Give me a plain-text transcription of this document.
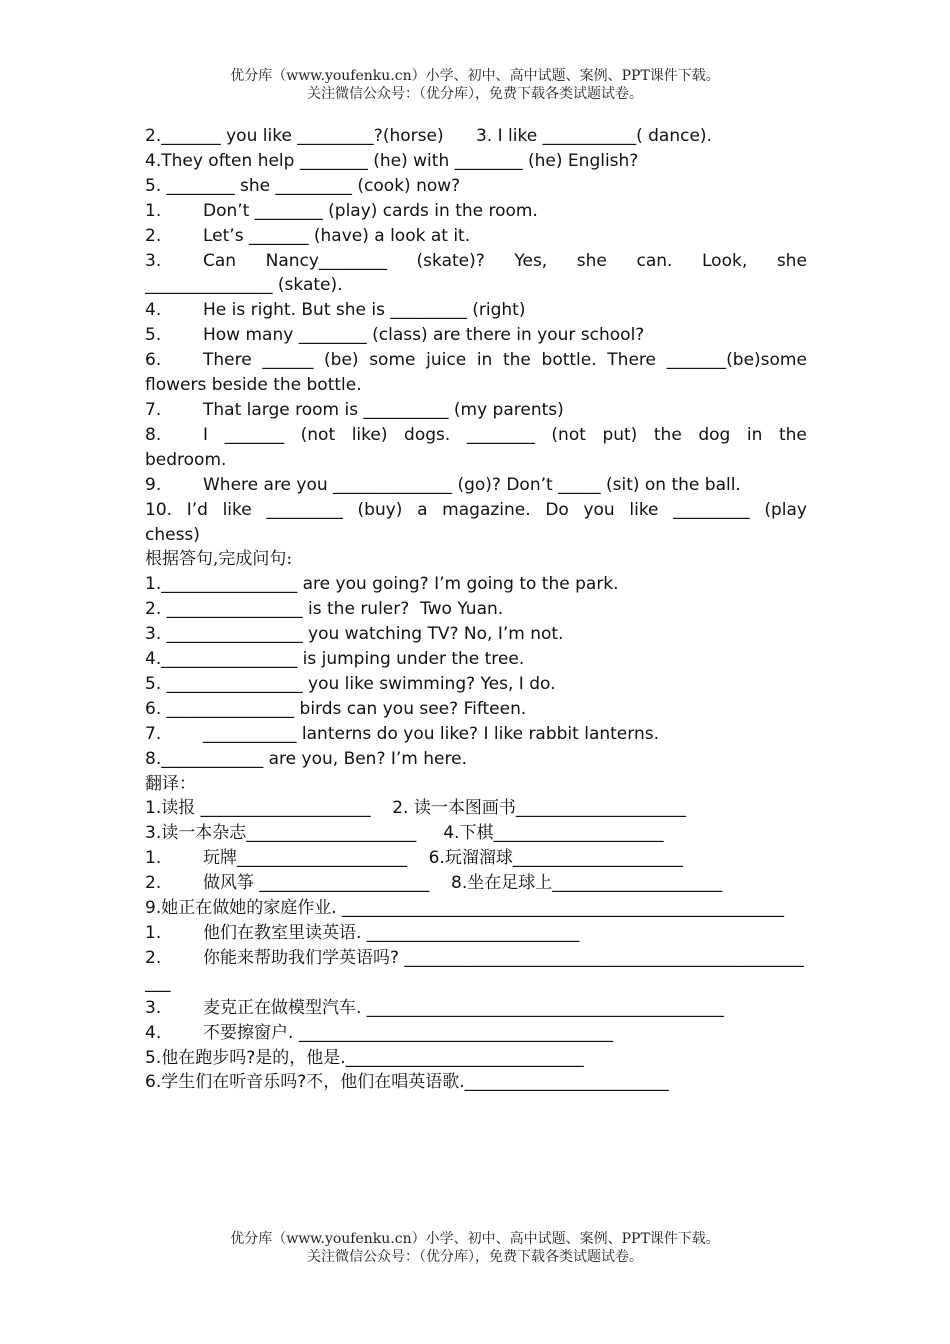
优分库（www.youfenku.cn）小学、初中、高中试题、案例、PPT课件下载。
关注微信公众号：（优分库），免费下载各类试题试卷。
2._______ you like _________?(horse)      3. I like ___________( dance).
4.They often help ________ (he) with ________ (he) English?
5. ________ she _________ (cook) now?
1. Don’t ________ (play) cards in the room.
2. Let’s _______ (have) a look at it.
3.	Can Nancy________ (skate)? Yes, she can. Look, she
_______________ (skate).
4. He is right. But she is _________ (right)
5. How many ________ (class) are there in your school?
6.	There ______ (be) some juice in the bottle. There _______(be)some
flowers beside the bottle.
7. That large room is __________ (my parents)
8.	I _______ (not like) dogs. ________ (not put) the dog in the
bedroom.
9. Where are you ______________ (go)? Don’t _____ (sit) on the ball.
10. I’d like _________ (buy) a magazine. Do you like _________ (play
chess)
根据答句,完成问句:
1.________________ are you going? I’m going to the park.
2. ________________ is the ruler?  Two Yuan.
3. ________________ you watching TV? No, I’m not.
4.________________ is jumping under the tree.
5. ________________ you like swimming? Yes, I do.
6. _______________ birds can you see? Fifteen.
7. ___________ lanterns do you like? I like rabbit lanterns.
8.____________ are you, Ben? I’m here.
翻译：
1.读报 ____________________    2. 读一本图画书____________________
3.读一本杂志____________________     4.下棋____________________
1. 玩牌____________________    6.玩溜溜球____________________
2. 做风筝 ____________________    8.坐在足球上____________________
9.她正在做她的家庭作业. ____________________________________________________
1. 他们在教室里读英语. _________________________
2. 你能来帮助我们学英语吗? _______________________________________________
___
3. 麦克正在做模型汽车. __________________________________________
4. 不要擦窗户. _____________________________________
5.他在跑步吗?是的，他是.____________________________
6.学生们在听音乐吗?不，他们在唱英语歌.________________________
优分库（www.youfenku.cn）小学、初中、高中试题、案例、PPT课件下载。
关注微信公众号：（优分库），免费下载各类试题试卷。
